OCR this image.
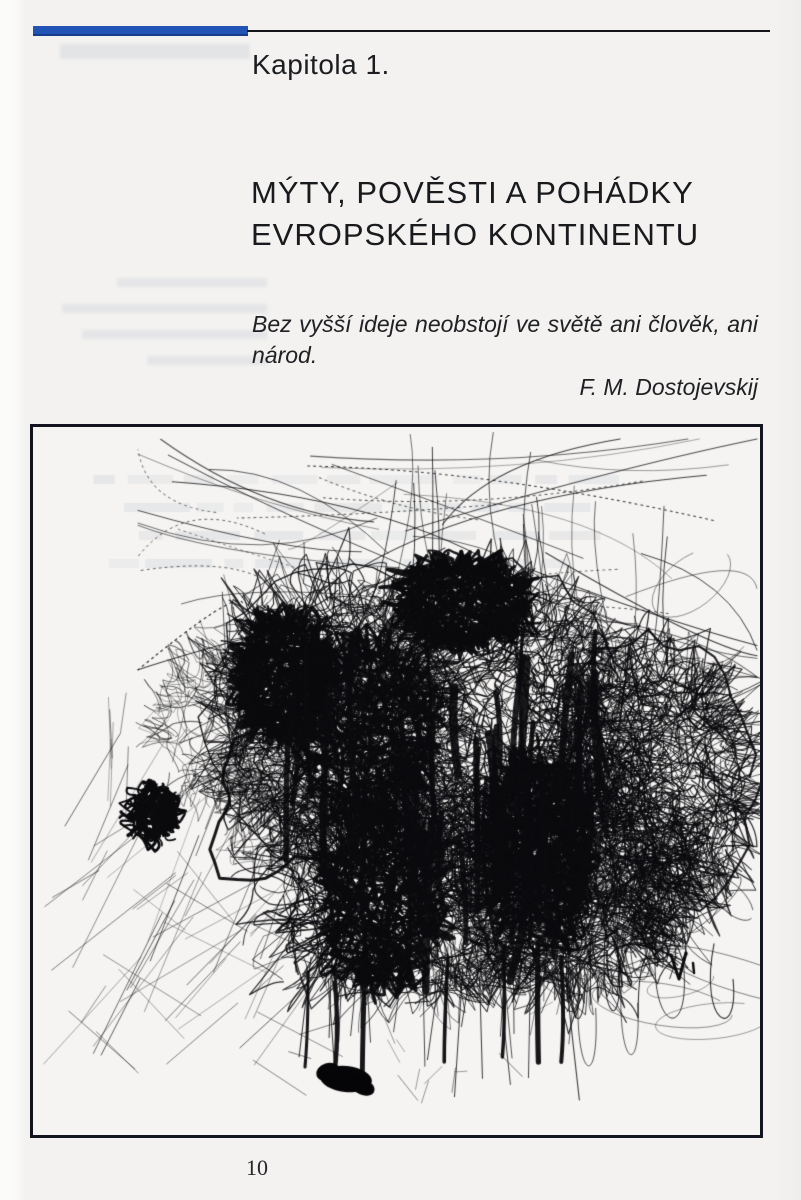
Kapitola 1.
MÝTY, POVĚSTI A POHÁDKY
EVROPSKÉHO KONTINENTU

Bez vyšší ideje neobstojí ve světě ani člověk, ani
národ.

F. M. Dostojevskij

10
